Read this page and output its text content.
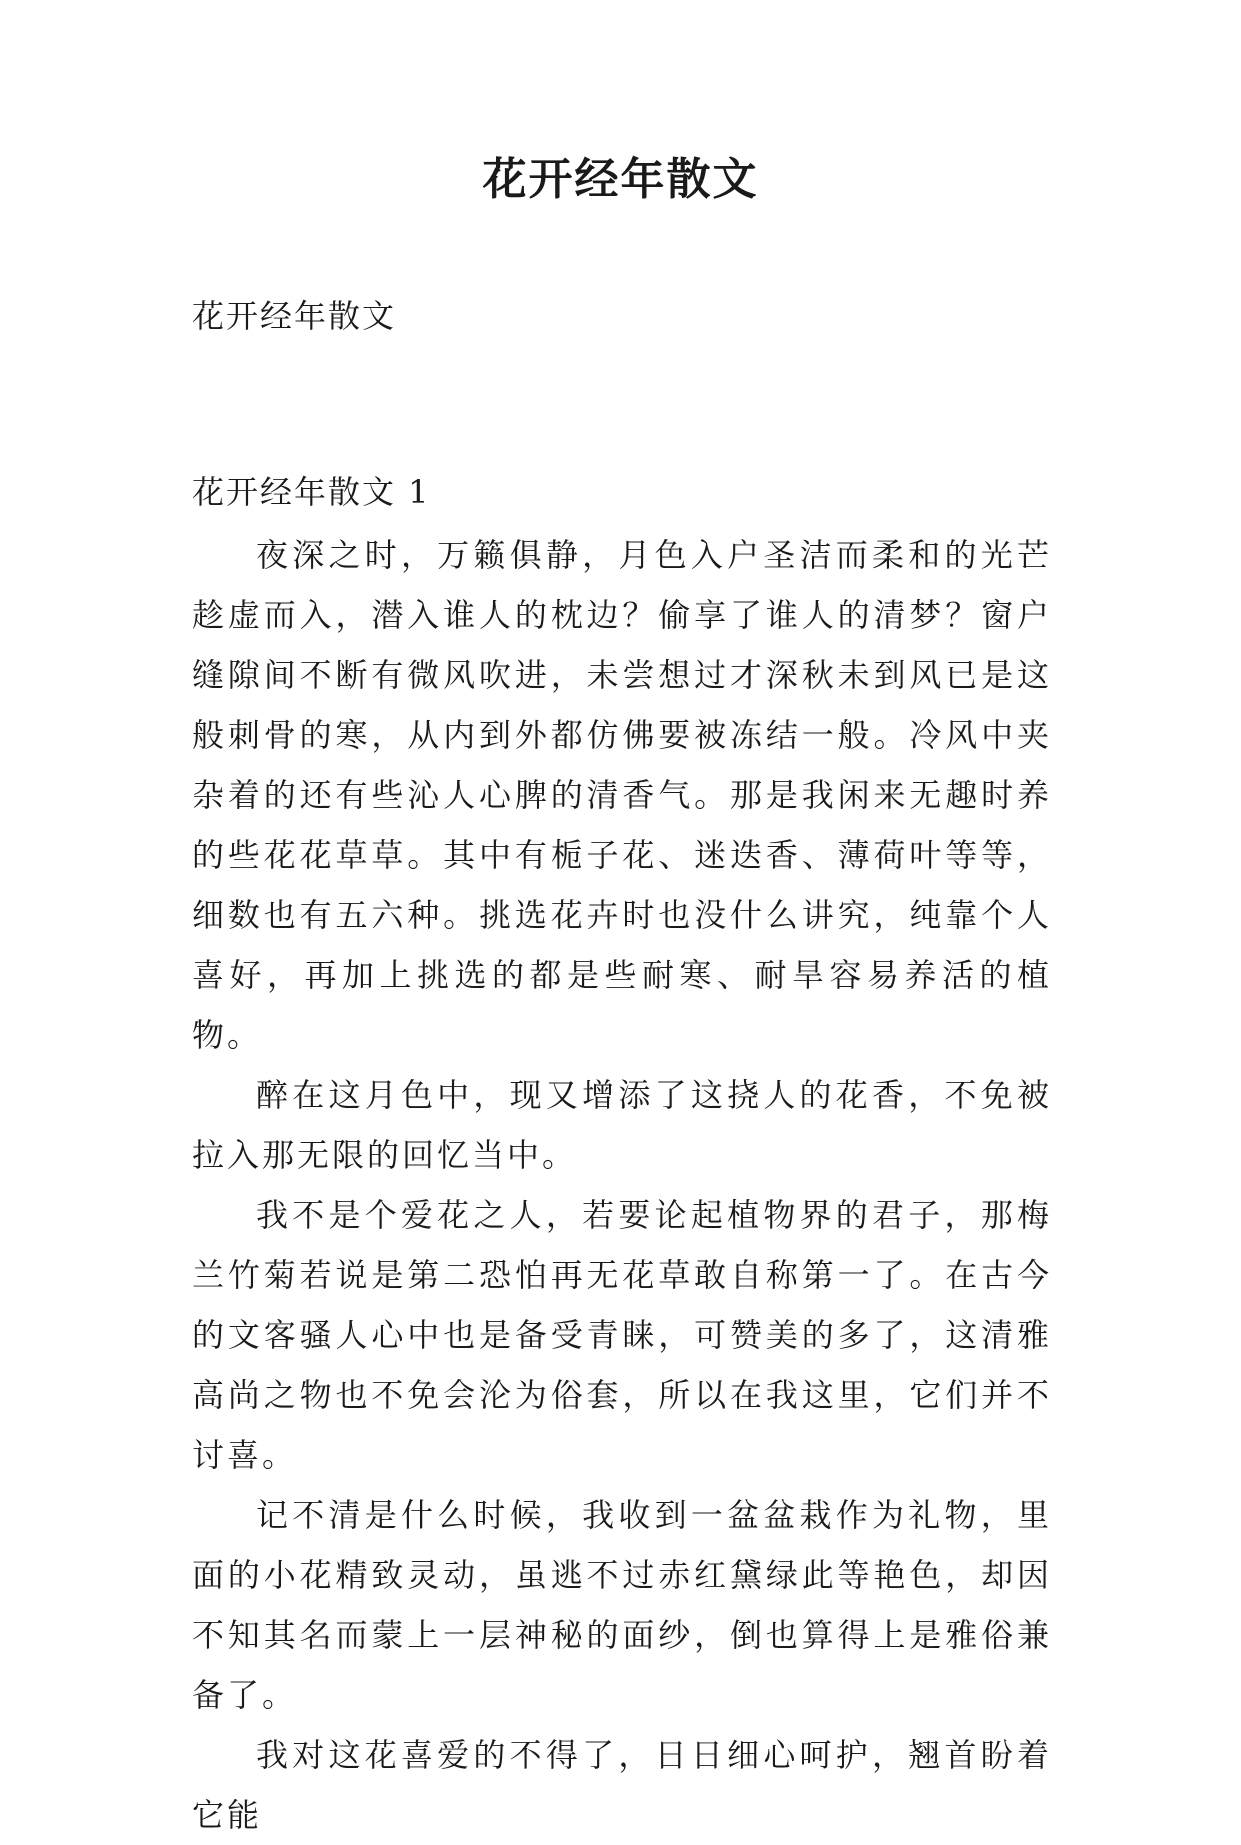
花开经年散文
花开经年散文
花开经年散文 1

夜深之时，万籁俱静，月色入户圣洁而柔和的光芒趁虚而入，潜入谁人的枕边？偷享了谁人的清梦？窗户缝隙间不断有微风吹进，未尝想过才深秋未到风已是这般刺骨的寒，从内到外都仿佛要被冻结一般。冷风中夹杂着的还有些沁人心脾的清香气。那是我闲来无趣时养的些花花草草。其中有栀子花、迷迭香、薄荷叶等等，细数也有五六种。挑选花卉时也没什么讲究，纯靠个人喜好，再加上挑选的都是些耐寒、耐旱容易养活的植物。

醉在这月色中，现又增添了这挠人的花香，不免被拉入那无限的回忆当中。

我不是个爱花之人，若要论起植物界的君子，那梅兰竹菊若说是第二恐怕再无花草敢自称第一了。在古今的文客骚人心中也是备受青睐，可赞美的多了，这清雅高尚之物也不免会沦为俗套，所以在我这里，它们并不讨喜。

记不清是什么时候，我收到一盆盆栽作为礼物，里面的小花精致灵动，虽逃不过赤红黛绿此等艳色，却因不知其名而蒙上一层神秘的面纱，倒也算得上是雅俗兼备了。

我对这花喜爱的不得了，日日细心呵护，翘首盼着它能
